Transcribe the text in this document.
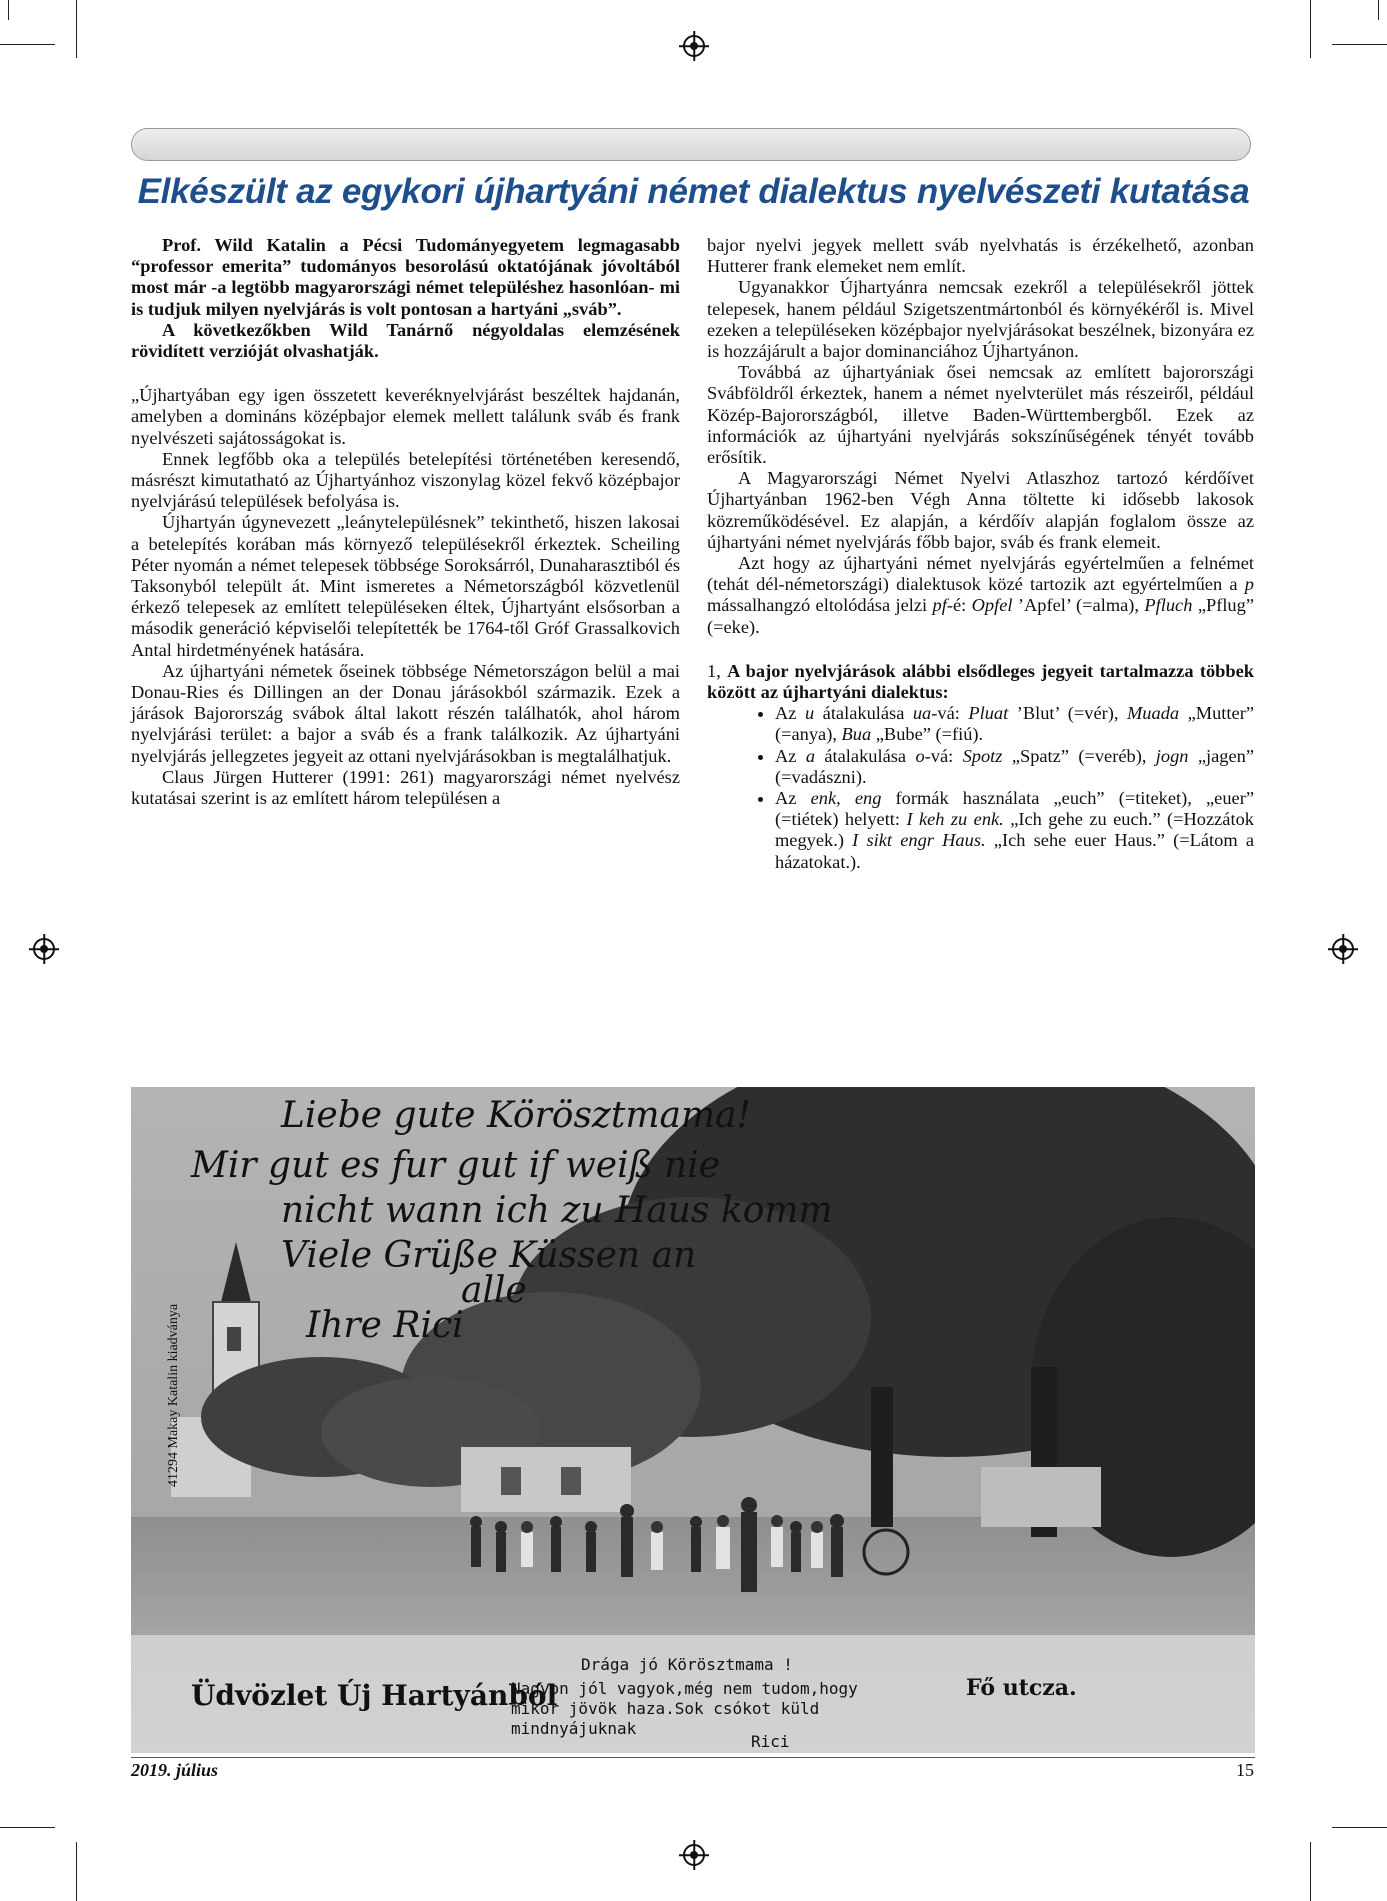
Elkészült az egykori újhartyáni német dialektus nyelvészeti kutatása

Prof. Wild Katalin a Pécsi Tudományegyetem legmagasabb “professor emerita” tudományos besorolású oktatójának jóvoltából most már -a legtöbb magyarországi német településhez hasonlóan- mi is tudjuk milyen nyelvjárás is volt pontosan a hartyáni „sváb”.

A következőkben Wild Tanárnő négyoldalas elemzésének rövidített verzióját olvashatják.

„Újhartyában egy igen összetett keveréknyelvjárást beszéltek hajdanán, amelyben a domináns középbajor elemek mellett találunk sváb és frank nyelvészeti sajátosságokat is.

Ennek legfőbb oka a település betelepítési történetében keresendő, másrészt kimutatható az Újhartyánhoz viszonylag közel fekvő középbajor nyelvjárású települések befolyása is.

Újhartyán úgynevezett „leánytelepülésnek” tekinthető, hiszen lakosai a betelepítés korában más környező településekről érkeztek. Scheiling Péter nyomán a német telepesek többsége Soroksárról, Dunaharasztiból és Taksonyból települt át. Mint ismeretes a Németországból közvetlenül érkező telepesek az említett településeken éltek, Újhartyánt elsősorban a második generáció képviselői telepítették be 1764-től Gróf Grassalkovich Antal hirdetményének hatására.

Az újhartyáni németek őseinek többsége Németországon belül a mai Donau-Ries és Dillingen an der Donau járásokból származik. Ezek a járások Bajorország svábok által lakott részén találhatók, ahol három nyelvjárási terület: a bajor a sváb és a frank találkozik. Az újhartyáni nyelvjárás jellegzetes jegyeit az ottani nyelvjárásokban is megtalálhatjuk.

Claus Jürgen Hutterer (1991: 261) magyarországi német nyelvész kutatásai szerint is az említett három településen a

bajor nyelvi jegyek mellett sváb nyelvhatás is érzékelhető, azonban Hutterer frank elemeket nem említ.

Ugyanakkor Újhartyánra nemcsak ezekről a településekről jöttek telepesek, hanem például Szigetszentmártonból és környékéről is. Mivel ezeken a településeken középbajor nyelvjárásokat beszélnek, bizonyára ez is hozzájárult a bajor dominanciához Újhartyánon.

Továbbá az újhartyániak ősei nemcsak az említett bajorországi Svábföldről érkeztek, hanem a német nyelvterület más részeiről, például Közép-Bajorországból, illetve Baden-Württembergből. Ezek az információk az újhartyáni nyelvjárás sokszínűségének tényét tovább erősítik.

A Magyarországi Német Nyelvi Atlaszhoz tartozó kérdőívet Újhartyánban 1962-ben Végh Anna töltette ki idősebb lakosok közreműködésével. Ez alapján, a kérdőív alapján foglalom össze az újhartyáni német nyelvjárás főbb bajor, sváb és frank elemeit.

Azt hogy az újhartyáni német nyelvjárás egyértelműen a felnémet (tehát dél-németországi) dialektusok közé tartozik azt egyértelműen a p mássalhangzó eltolódása jelzi pf-é: Opfel ’Apfel’ (=alma), Pfluch „Pflug” (=eke).

1, A bajor nyelvjárások alábbi elsődleges jegyeit tartalmazza többek között az újhartyáni dialektus:

• Az u átalakulása ua-vá: Pluat ’Blut’ (=vér), Muada „Mutter” (=anya), Bua „Bube” (=fiú).
• Az a átalakulása o-vá: Spotz „Spatz” (=veréb), jogn „jagen” (=vadászni).
• Az enk, eng formák használata „euch” (=titeket), „euer” (=tiétek) helyett: I keh zu enk. „Ich gehe zu euch.” (=Hozzátok megyek.) I sikt engr Haus. „Ich sehe euer Haus.” (=Látom a házatokat.).
Liebe gute Körösztmama!
Mir gut es fur gut if weiß nie
nicht wann ich zu Haus komm
Viele Grüße Küssen an
alle
Ihre Rici
41294 Makay Katalin kiadványa
Üdvözlet Új Hartyánból	Fő utcza.
Drága jó Körösztmama !
Nagyon jól vagyok,még nem tudom,hogy
mikor jövök haza.Sok csókot küld
mindnyájuknak
Rici
2019. július	15
